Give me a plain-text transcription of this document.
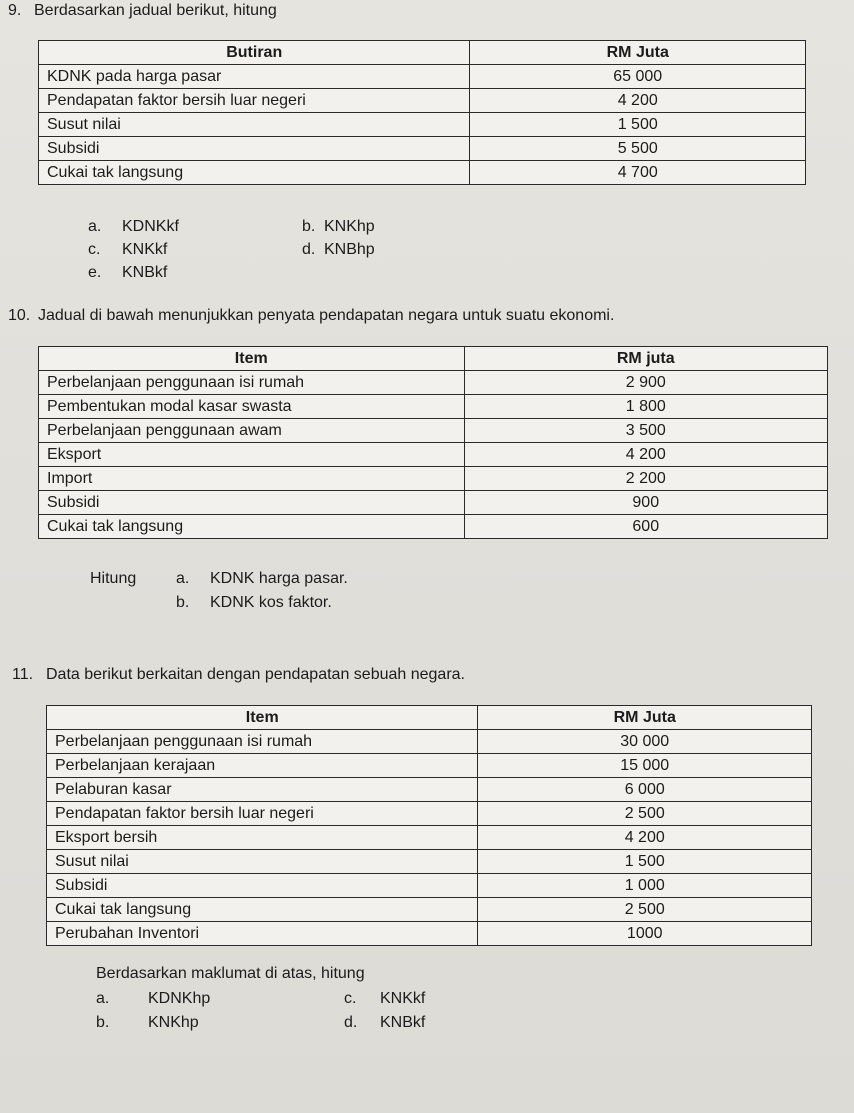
9. Berdasarkan jadual berikut, hitung
Butiran	RM Juta
KDNK pada harga pasar	65 000
Pendapatan faktor bersih luar negeri	4 200
Susut nilai	1 500
Subsidi	5 500
Cukai tak langsung	4 700
a. KDNKkf	b. KNKhp
c. KNKkf	d. KNBhp
e. KNBkf
10. Jadual di bawah menunjukkan penyata pendapatan negara untuk suatu ekonomi.
Item	RM juta
Perbelanjaan penggunaan isi rumah	2 900
Pembentukan modal kasar swasta	1 800
Perbelanjaan penggunaan awam	3 500
Eksport	4 200
Import	2 200
Subsidi	900
Cukai tak langsung	600
Hitung a. KDNK harga pasar.
b. KDNK kos faktor.
11. Data berikut berkaitan dengan pendapatan sebuah negara.
Item	RM Juta
Perbelanjaan penggunaan isi rumah	30 000
Perbelanjaan kerajaan	15 000
Pelaburan kasar	6 000
Pendapatan faktor bersih luar negeri	2 500
Eksport bersih	4 200
Susut nilai	1 500
Subsidi	1 000
Cukai tak langsung	2 500
Perubahan Inventori	1000
Berdasarkan maklumat di atas, hitung
a. KDNKhp	c. KNKkf
b. KNKhp	d. KNBkf
